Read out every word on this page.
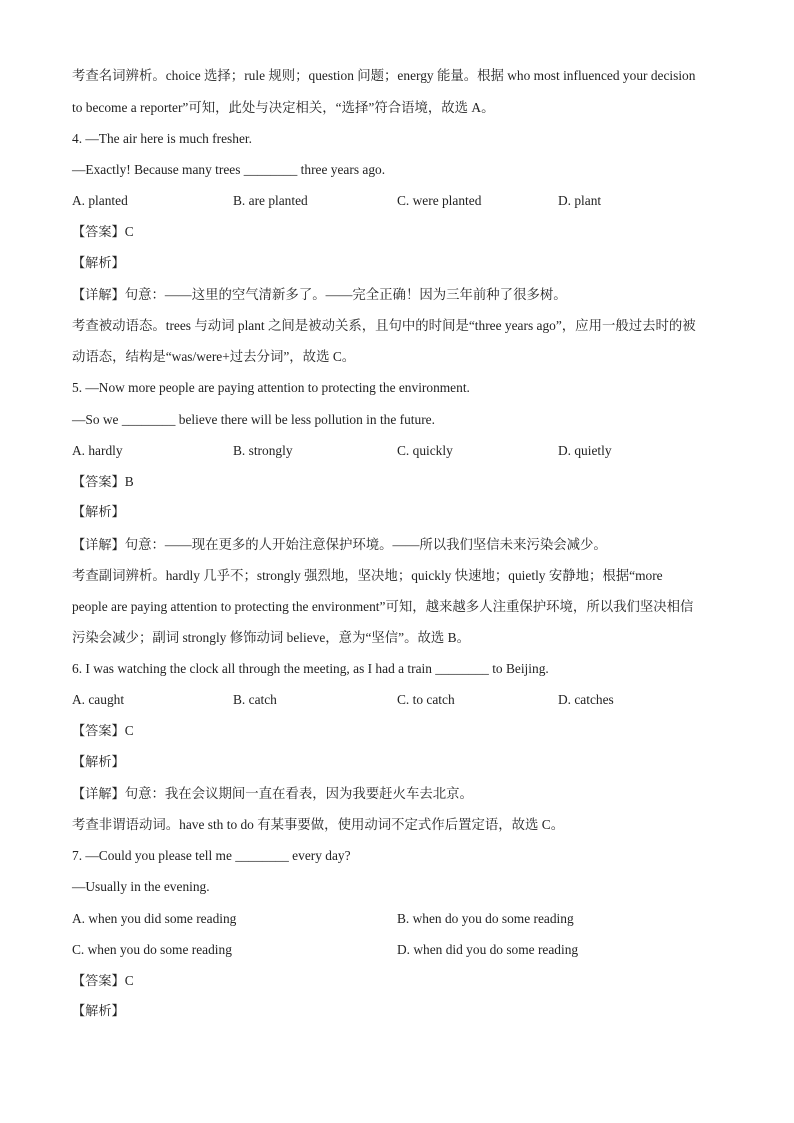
考查名词辨析。choice 选择；rule 规则；question 问题；energy 能量。根据 who most influenced your decision
to become a reporter”可知，此处与决定相关，“选择”符合语境，故选 A。
4. —The air here is much fresher.
—Exactly! Because many trees ________ three years ago.
A. planted	B. are planted	C. were planted	D. plant
【答案】C
【解析】
【详解】句意：——这里的空气清新多了。——完全正确！因为三年前种了很多树。
考查被动语态。trees 与动词 plant 之间是被动关系，且句中的时间是“three years ago”，应用一般过去时的被
动语态，结构是“was/were+过去分词”，故选 C。
5. —Now more people are paying attention to protecting the environment.
—So we ________ believe there will be less pollution in the future.
A. hardly	B. strongly	C. quickly	D. quietly
【答案】B
【解析】
【详解】句意：——现在更多的人开始注意保护环境。——所以我们坚信未来污染会减少。
考查副词辨析。hardly 几乎不；strongly 强烈地，坚决地；quickly 快速地；quietly 安静地；根据“more
people are paying attention to protecting the environment”可知，越来越多人注重保护环境，所以我们坚决相信
污染会减少；副词 strongly 修饰动词 believe，意为“坚信”。故选 B。
6. I was watching the clock all through the meeting, as I had a train ________ to Beijing.
A. caught	B. catch	C. to catch	D. catches
【答案】C
【解析】
【详解】句意：我在会议期间一直在看表，因为我要赶火车去北京。
考查非谓语动词。have sth to do 有某事要做，使用动词不定式作后置定语，故选 C。
7. —Could you please tell me ________ every day?
—Usually in the evening.
A. when you did some reading	B. when do you do some reading
C. when you do some reading	D. when did you do some reading
【答案】C
【解析】
